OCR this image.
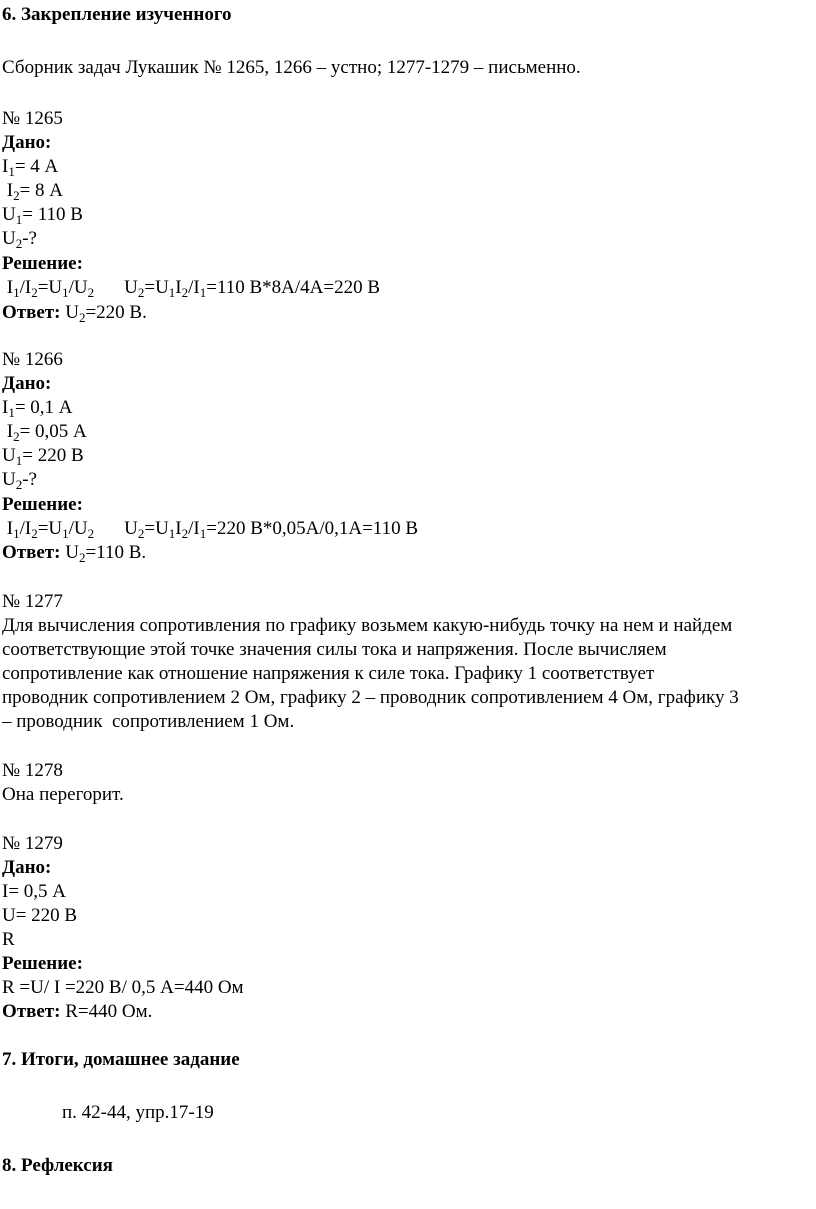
6. Закрепление изученного
Сборник задач Лукашик № 1265, 1266 – устно; 1277-1279 – письменно.
№ 1265
Дано:
$I_1= 4$ А
$I_2= 8$ А
$U_1= 110$ В
$U_2-$?
Решение:
$I_1/I_2=U_1/U_2$ $U_2=U_1I_2/I_1=110$ В*8А/4А=220 В
Ответ: $U_2=220$ В.
№ 1266
Дано:
$I_1= 0,1$ А
$I_2= 0,05$ А
$U_1= 220$ В
$U_2-$?
Решение:
$I_1/I_2=U_1/U_2$ $U_2=U_1I_2/I_1=220$ В*0,05А/0,1А=110 В
Ответ: $U_2=110$ В.
№ 1277
Для вычисления сопротивления по графику возьмем какую-нибудь точку на нем и найдем
соответствующие этой точке значения силы тока и напряжения. После вычисляем
сопротивление как отношение напряжения к силе тока. Графику 1 соответствует
проводник сопротивлением 2 Ом, графику 2 – проводник сопротивлением 4 Ом, графику 3
– проводник  сопротивлением 1 Ом.
№ 1278
Она перегорит.
№ 1279
Дано:
I= 0,5 А
U= 220 В
R
Решение:
R =U/ I =220 В/ 0,5 А=440 Ом
Ответ: R=440 Ом.
7. Итоги, домашнее задание
п. 42-44, упр.17-19
8. Рефлексия
